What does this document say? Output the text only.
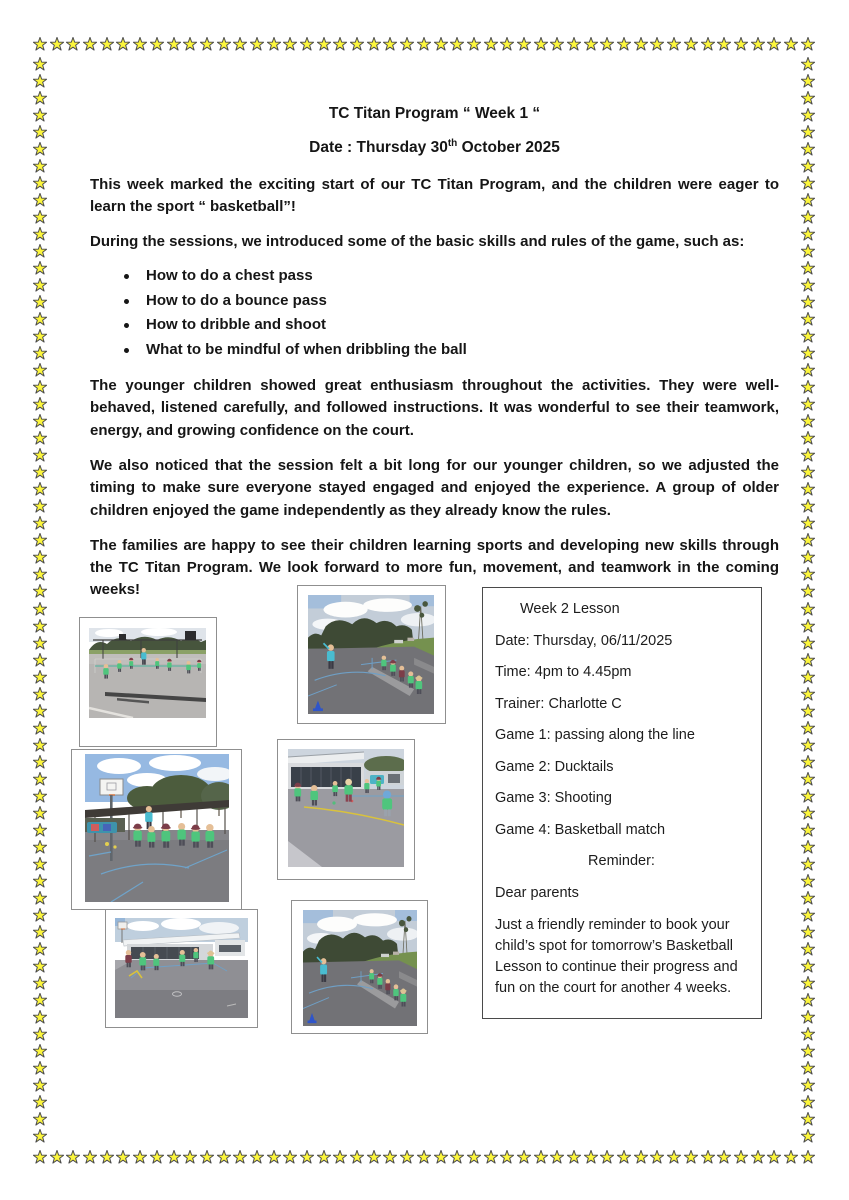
TC Titan Program “ Week 1 “
Date : Thursday 30th October 2025

This week marked the exciting start of our TC Titan Program, and the children were eager to learn the sport “ basketball”!

During the sessions, we introduced some of the basic skills and rules of the game, such as:

How to do a chest pass
How to do a bounce pass
How to dribble and shoot
What to be mindful of when dribbling the ball

The younger children showed great enthusiasm throughout the activities. They were well-behaved, listened carefully, and followed instructions. It was wonderful to see their teamwork, energy, and growing confidence on the court.

We also noticed that the session felt a bit long for our younger children, so we adjusted the timing to make sure everyone stayed engaged and enjoyed the experience. A group of older children enjoyed the game independently as they already know the rules.

The families are happy to see their children learning sports and developing new skills through the TC Titan Program. We look forward to more fun, movement, and teamwork in the coming weeks!

Week 2 Lesson

Date: Thursday, 06/11/2025

Time: 4pm to 4.45pm

Trainer: Charlotte C

Game 1: passing along the line

Game 2: Ducktails

Game 3: Shooting

Game 4: Basketball match

Reminder:

Dear parents

Just a friendly reminder to book your child’s spot for tomorrow’s Basketball Lesson to continue their progress and fun on the court for another 4 weeks.
